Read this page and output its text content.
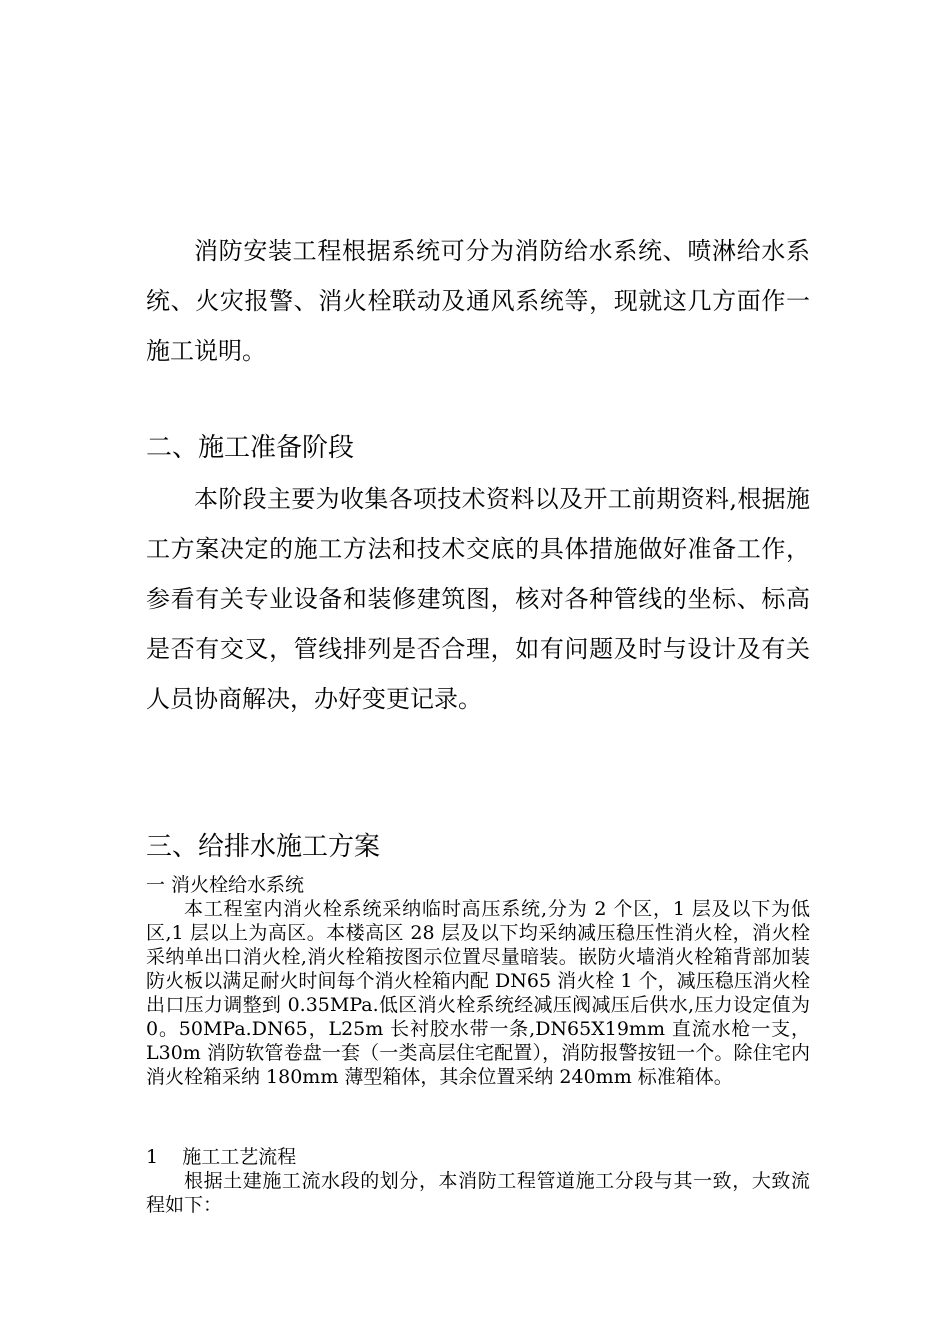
消防安装工程根据系统可分为消防给水系统、喷淋给水系统、火灾报警、消火栓联动及通风系统等，现就这几方面作一施工说明。

二、施工准备阶段

本阶段主要为收集各项技术资料以及开工前期资料,根据施工方案决定的施工方法和技术交底的具体措施做好准备工作，参看有关专业设备和装修建筑图，核对各种管线的坐标、标高是否有交叉，管线排列是否合理，如有问题及时与设计及有关人员协商解决，办好变更记录。

三、给排水施工方案

一 消火栓给水系统

本工程室内消火栓系统采纳临时高压系统,分为 2 个区，1 层及以下为低区,1 层以上为高区。本楼高区 28 层及以下均采纳减压稳压性消火栓，消火栓采纳单出口消火栓,消火栓箱按图示位置尽量暗装。嵌防火墙消火栓箱背部加装防火板以满足耐火时间每个消火栓箱内配 DN65 消火栓 1 个，减压稳压消火栓出口压力调整到 0.35MPa.低区消火栓系统经减压阀减压后供水,压力设定值为 0。50MPa.DN65，L25m 长衬胶水带一条,DN65X19mm 直流水枪一支，L30m 消防软管卷盘一套（一类高层住宅配置），消防报警按钮一个。除住宅内消火栓箱采纳 180mm 薄型箱体，其余位置采纳 240mm 标准箱体。

1    施工工艺流程

根据土建施工流水段的划分，本消防工程管道施工分段与其一致，大致流程如下：
